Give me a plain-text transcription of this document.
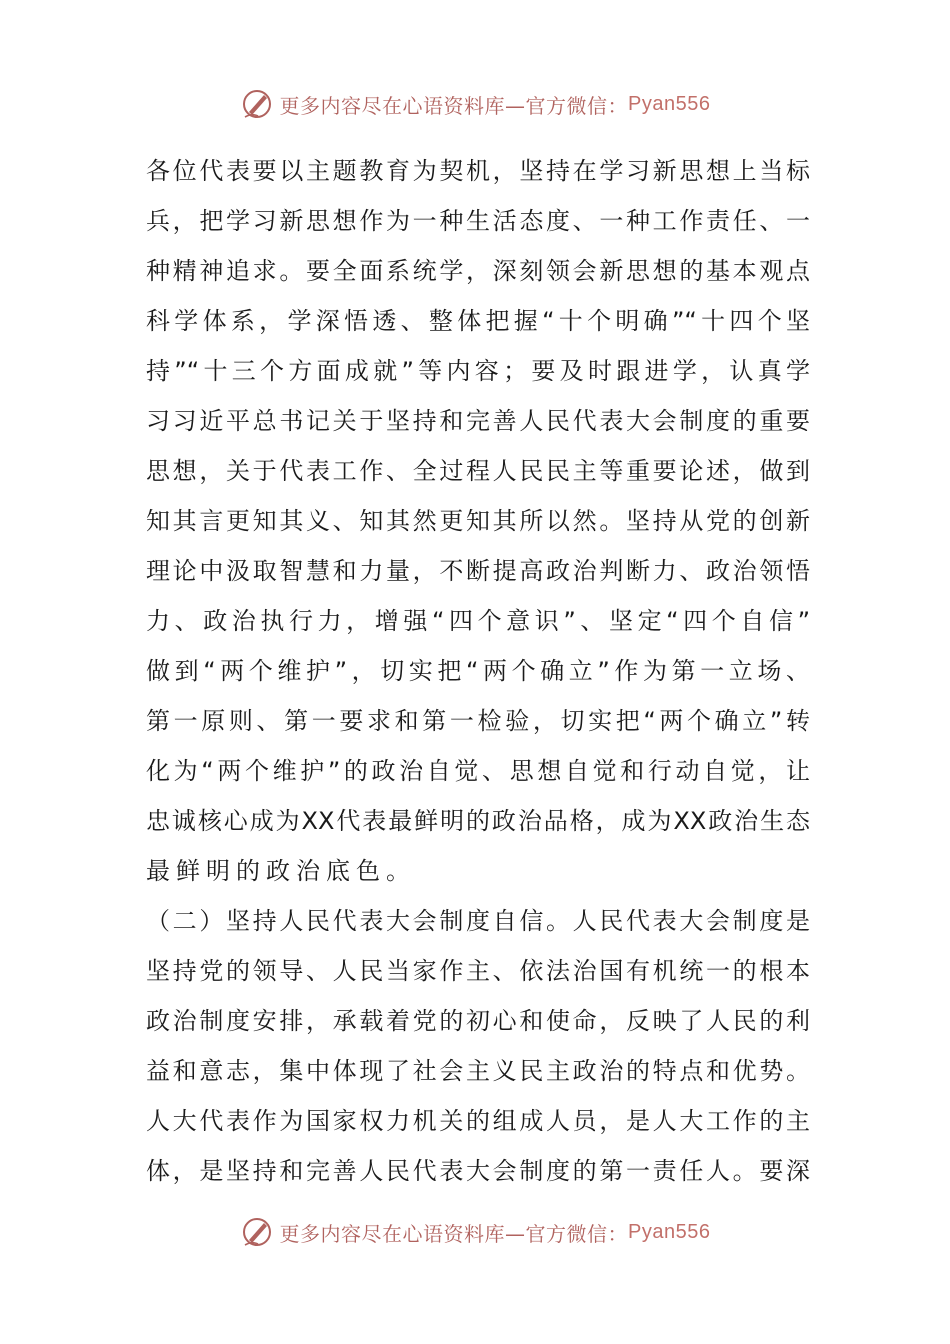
更多内容尽在心语资料库—官方微信： Pyan556
各位代表要以主题教育为契机，坚持在学习新思想上当标
兵，把学习新思想作为一种生活态度、一种工作责任、一
种精神追求。要全面系统学，深刻领会新思想的基本观点
科学体系，学深悟透、整体把握“十个明确”“十四个坚
持”“十三个方面成就”等内容；要及时跟进学，认真学
习习近平总书记关于坚持和完善人民代表大会制度的重要
思想，关于代表工作、全过程人民民主等重要论述，做到
知其言更知其义、知其然更知其所以然。坚持从党的创新
理论中汲取智慧和力量，不断提高政治判断力、政治领悟
力、政治执行力，增强“四个意识”、坚定“四个自信”
做到“两个维护”，切实把“两个确立”作为第一立场、
第一原则、第一要求和第一检验，切实把“两个确立”转
化为“两个维护”的政治自觉、思想自觉和行动自觉，让
忠诚核心成为XX代表最鲜明的政治品格，成为XX政治生态
最鲜明的政治底色。
（二）坚持人民代表大会制度自信。人民代表大会制度是
坚持党的领导、人民当家作主、依法治国有机统一的根本
政治制度安排，承载着党的初心和使命，反映了人民的利
益和意志，集中体现了社会主义民主政治的特点和优势。
人大代表作为国家权力机关的组成人员，是人大工作的主
体，是坚持和完善人民代表大会制度的第一责任人。要深
更多内容尽在心语资料库—官方微信： Pyan556
